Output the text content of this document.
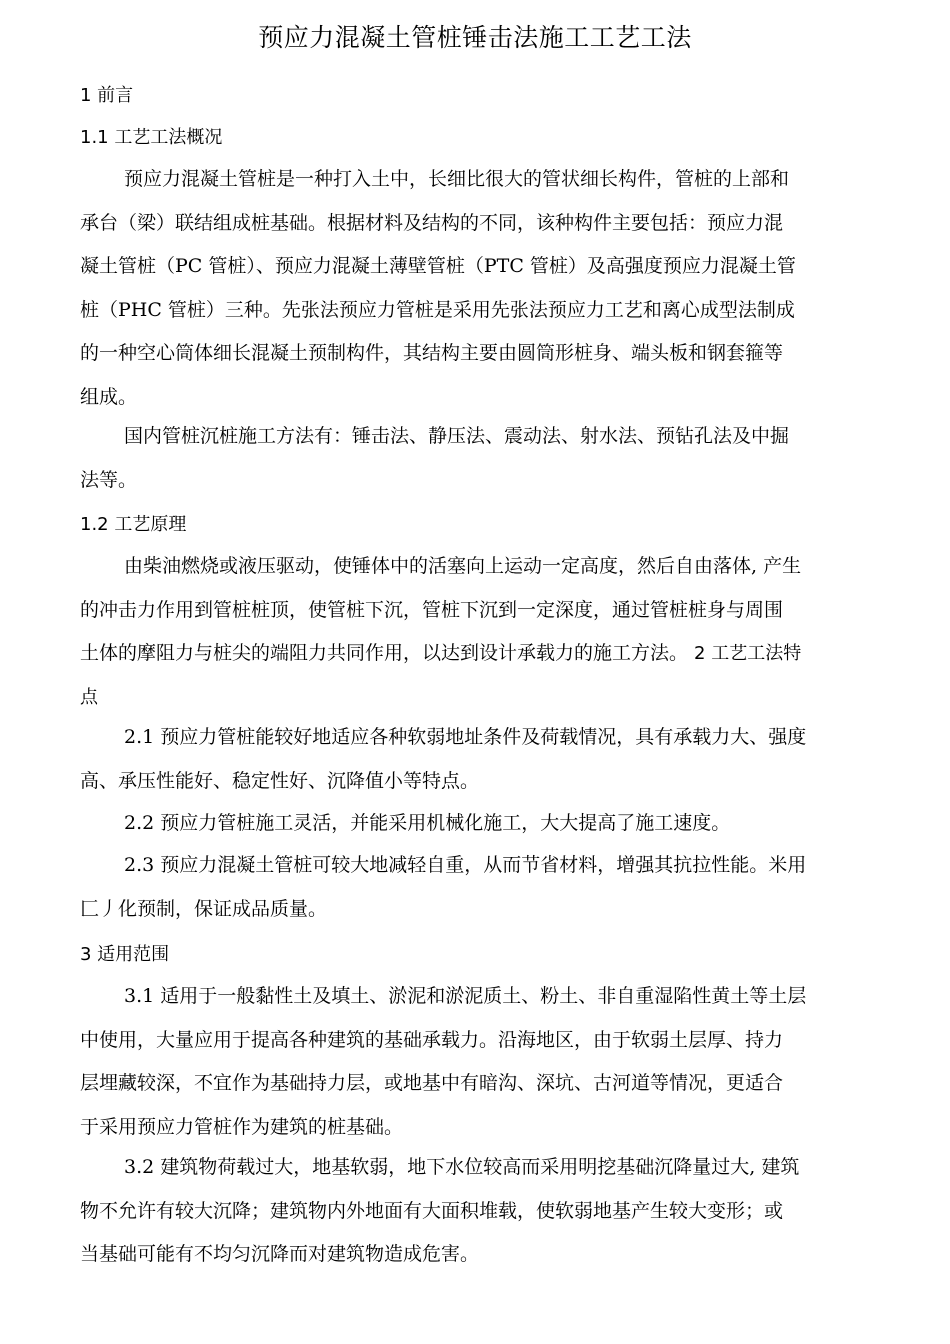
预应力混凝土管桩锤击法施工工艺工法
1 前言
1.1 工艺工法概况
预应力混凝土管桩是一种打入土中，长细比很大的管状细长构件，管桩的上部和
承台（梁）联结组成桩基础。根据材料及结构的不同，该种构件主要包括：预应力混
凝土管桩（PC 管桩）、预应力混凝土薄壁管桩（PTC 管桩）及高强度预应力混凝土管
桩（PHC 管桩）三种。先张法预应力管桩是采用先张法预应力工艺和离心成型法制成
的一种空心筒体细长混凝土预制构件，其结构主要由圆筒形桩身、端头板和钢套箍等
组成。
国内管桩沉桩施工方法有：锤击法、静压法、震动法、射水法、预钻孔法及中掘
法等。
1.2 工艺原理
由柴油燃烧或液压驱动，使锤体中的活塞向上运动一定高度，然后自由落体, 产生
的冲击力作用到管桩桩顶，使管桩下沉，管桩下沉到一定深度，通过管桩桩身与周围
土体的摩阻力与桩尖的端阻力共同作用，以达到设计承载力的施工方法。 2 工艺工法特
点
2.1 预应力管桩能较好地适应各种软弱地址条件及荷载情况，具有承载力大、强度
高、承压性能好、稳定性好、沉降值小等特点。
2.2 预应力管桩施工灵活，并能采用机械化施工，大大提高了施工速度。
2.3 预应力混凝土管桩可较大地减轻自重，从而节省材料，增强其抗拉性能。米用
匚丿化预制，保证成品质量。
3 适用范围
3.1 适用于一般黏性土及填土、淤泥和淤泥质土、粉土、非自重湿陷性黄土等土层
中使用，大量应用于提高各种建筑的基础承载力。沿海地区，由于软弱土层厚、持力
层埋藏较深，不宜作为基础持力层，或地基中有暗沟、深坑、古河道等情况，更适合
于采用预应力管桩作为建筑的桩基础。
3.2 建筑物荷载过大，地基软弱，地下水位较高而采用明挖基础沉降量过大, 建筑
物不允许有较大沉降；建筑物内外地面有大面积堆载，使软弱地基产生较大变形；或
当基础可能有不均匀沉降而对建筑物造成危害。
